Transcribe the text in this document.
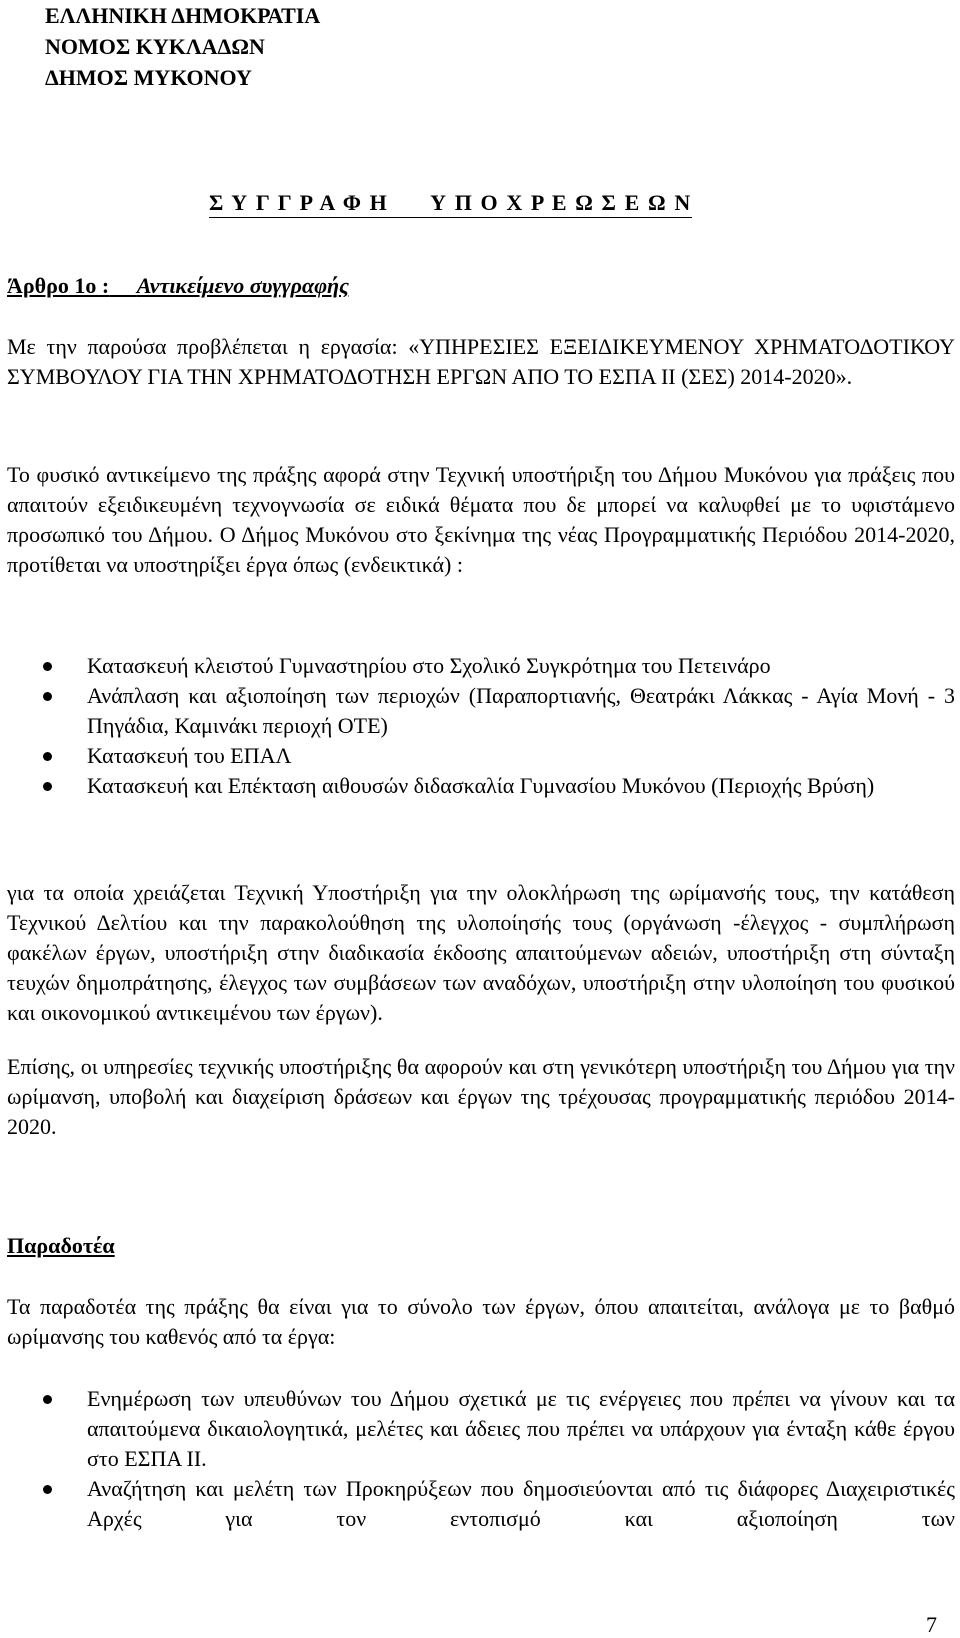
ΕΛΛΗΝΙΚΗ ΔΗΜΟΚΡΑΤΙΑ
ΝΟΜΟΣ ΚΥΚΛΑΔΩΝ
ΔΗΜΟΣ ΜΥΚΟΝΟΥ
Σ Υ Γ Γ Ρ Α Φ Η      Υ Π Ο Χ Ρ Ε Ω Σ Ε Ω Ν
Άρθρο 1ο : Αντικείμενο συγγραφής
Με την παρούσα προβλέπεται η εργασία: «ΥΠΗΡΕΣΙΕΣ ΕΞΕΙΔΙΚΕΥΜΕΝΟΥ ΧΡΗΜΑΤΟΔΟΤΙΚΟΥ ΣΥΜΒΟΥΛΟΥ ΓΙΑ ΤΗΝ ΧΡΗΜΑΤΟΔΟΤΗΣΗ ΕΡΓΩΝ ΑΠΟ ΤΟ ΕΣΠΑ ΙΙ (ΣΕΣ) 2014-2020».
Το φυσικό αντικείμενο της πράξης αφορά στην Τεχνική υποστήριξη του Δήμου Μυκόνου για πράξεις που απαιτούν εξειδικευμένη τεχνογνωσία σε ειδικά θέματα που δε μπορεί να καλυφθεί με το υφιστάμενο προσωπικό του Δήμου. Ο Δήμος Μυκόνου στο ξεκίνημα της νέας Προγραμματικής Περιόδου 2014-2020, προτίθεται να υποστηρίξει έργα όπως (ενδεικτικά) :
Κατασκευή κλειστού Γυμναστηρίου στο Σχολικό Συγκρότημα του Πετεινάρο
Ανάπλαση και αξιοποίηση των περιοχών (Παραπορτιανής, Θεατράκι Λάκκας - Αγία Μονή - 3 Πηγάδια, Καμινάκι περιοχή ΟΤΕ)
Κατασκευή του ΕΠΑΛ
Κατασκευή και Επέκταση αιθουσών διδασκαλία Γυμνασίου Μυκόνου (Περιοχής Βρύση)
για τα οποία χρειάζεται Τεχνική Υποστήριξη για την ολοκλήρωση της ωρίμανσής τους, την κατάθεση Τεχνικού Δελτίου και την παρακολούθηση της υλοποίησής τους (οργάνωση -έλεγχος - συμπλήρωση φακέλων έργων, υποστήριξη στην διαδικασία έκδοσης απαιτούμενων αδειών, υποστήριξη στη σύνταξη τευχών δημοπράτησης, έλεγχος των συμβάσεων των αναδόχων, υποστήριξη στην υλοποίηση του φυσικού και οικονομικού αντικειμένου των έργων).
Επίσης, οι υπηρεσίες τεχνικής υποστήριξης θα αφορούν και στη γενικότερη υποστήριξη του Δήμου για την ωρίμανση, υποβολή και διαχείριση δράσεων και έργων της τρέχουσας προγραμματικής περιόδου 2014-2020.
Παραδοτέα
Τα παραδοτέα της πράξης θα είναι για το σύνολο των έργων, όπου απαιτείται, ανάλογα με το βαθμό ωρίμανσης του καθενός από τα έργα:
Ενημέρωση των υπευθύνων του Δήμου σχετικά με τις ενέργειες που πρέπει να γίνουν και τα απαιτούμενα δικαιολογητικά, μελέτες και άδειες που πρέπει να υπάρχουν για ένταξη κάθε έργου στο ΕΣΠΑ ΙΙ.
Αναζήτηση και μελέτη των Προκηρύξεων που δημοσιεύονται από τις διάφορες Διαχειριστικές Αρχές για τον εντοπισμό και αξιοποίηση των
7
